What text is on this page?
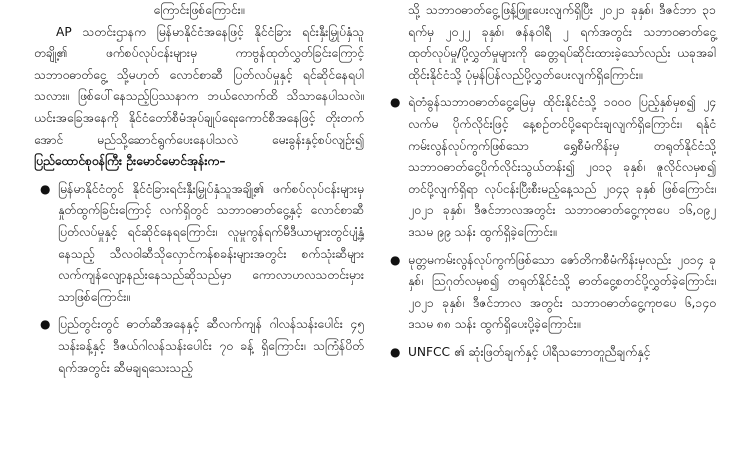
ကြောင်းဖြစ်ကြောင်း။

AP သတင်းဌာနက မြန်မာနိုင်ငံအနေဖြင့် နိုင်ငံခြား ရင်းနှီးမြှုပ်နှံသူတချို့၏ ဖက်စပ်လုပ်ငန်းများမှ ကာဗွန်ထုတ်လွှတ်ခြင်းကြောင့် သဘာဝဓာတ်ငွေ့ သို့မဟုတ် လောင်စာဆီ ပြတ်လပ်မှုနှင့် ရင်ဆိုင်နေရပါသလား။ ဖြစ်ပေါ်နေသည့်ပြဿနာက ဘယ်လောက်ထိ သိသာနေပါသလဲ။ ယင်းအခြေအနေကို နိုင်ငံတော်စီမံအုပ်ချုပ်ရေးကောင်စီအနေဖြင့် တိုးတက်အောင် မည်သို့ဆောင်ရွက်ပေးနေပါသလဲ မေးခွန်းနှင့်စပ်လျဉ်း၍ ပြည်ထောင်စုဝန်ကြီး ဦးမောင်မောင်အုန်းက–

● မြန်မာနိုင်ငံတွင် နိုင်ငံခြားရင်းနှီးမြှုပ်နှံသူအချို့၏ ဖက်စပ်လုပ်ငန်းများမှ နှုတ်ထွက်ခြင်းကြောင့် လက်ရှိတွင် သဘာဝဓာတ်ငွေ့နှင့် လောင်စာဆီပြတ်လပ်မှုနှင့် ရင်ဆိုင်နေရကြောင်း၊ လူမှုကွန်ရက်မီဒီယာများတွင်ပျံ့နှံ့နေသည့် သီလဝါဆီသိုလှောင်ကန်စခန်းများအတွင်း စက်သုံးဆီများ လက်ကျန်လျော့နည်းနေသည်ဆိုသည်မှာ ကောလာဟလသတင်းမှားသာဖြစ်ကြောင်း။
● ပြည်တွင်းတွင် ဓာတ်ဆီအနေနှင့် ဆီလက်ကျန် ဂါလန်သန်းပေါင်း ၄၅ သန်းခန့်နှင့် ဒီဇယ်ဂါလန်သန်းပေါင်း ၇၀ ခန့် ရှိကြောင်း၊ သကြံန်ပိတ်ရက်အတွင်း ဆီမချရသေးသည့်

သို့ သဘာဝဓာတ်ငွေ့ဖြန့်ဖြူးပေးလျက်ရှိပြီး ၂၀၂၁ ခုနှစ်၊ ဒီဇင်ဘာ ၃၁ ရက်မှ ၂၀၂၂ ခုနှစ်၊ ဇန်နဝါရီ ၂ ရက်အတွင်း သဘာဝဓာတ်ငွေ့ထုတ်လုပ်မှု/ပို့လွှတ်မှုများကို ခေတ္တရပ်ဆိုင်းထားခဲ့သော်လည်း ယခုအခါ ထိုင်းနိုင်ငံသို့ ပုံမှန်ပြန်လည်ပို့လွှတ်ပေးလျက်ရှိကြောင်း။

● ရဲတံခွန်သဘာဝဓာတ်ငွေ့မြေမှ ထိုင်းနိုင်ငံသို့ ၁၀၀၀ ပြည့်နှစ်မှစ၍ ၂၄ လက်မ ပိုက်လိုင်းဖြင့် နေ့စဉ်တင်ပို့ရောင်းချလျက်ရှိကြောင်း၊ ရန်ုငံကမ်းလွန်လုပ်ကွက်ဖြစ်သော ရွှေစီမံကိန်းမှ တရုတ်နိုင်ငံသို့ သဘာဝဓာတ်ငွေ့ပိုက်လိုင်းသွယ်တန်း၍ ၂၀၁၃ ခုနှစ်၊ ဇူလိုင်လမှစ၍ တင်ပို့လျက်ရှိရာ လုပ်ငန်းပြီးစီးမည့်နေ့သည် ၂၀၄၃ ခုနှစ် ဖြစ်ကြောင်း၊ ၂၀၂၁ ခုနှစ်၊ ဒီဇင်ဘာလအတွင်း သဘာဝဓာတ်ငွေ့ကုဗပေ ၁၆,၀၉၂ ဒသမ ၉၉ သန်း ထွက်ရှိခဲ့ကြောင်း။
● မုတ္တမကမ်းလွန်လုပ်ကွက်ဖြစ်သော ဇော်တိကစီမံကိန်းမှလည်း ၂၀၁၄ ခုနှစ်၊ ဩဂုတ်လမှစ၍ တရုတ်နိုင်ငံသို့ ဓာတ်ငွေ့စတင်ပို့လွှတ်ခဲ့ကြောင်း၊ ၂၀၂၁ ခုနှစ်၊ ဒီဇင်ဘာလ အတွင်း သဘာဝဓာတ်ငွေ့ကုဗပေ ၆,၁၄၀ ဒသမ ၈၈ သန်း ထွက်ရှိပေးပို့ခဲ့ကြောင်း။
● UNFCC ၏ ဆုံးဖြတ်ချက်နှင့် ပါရီသဘောတူညီချက်နှင့်
